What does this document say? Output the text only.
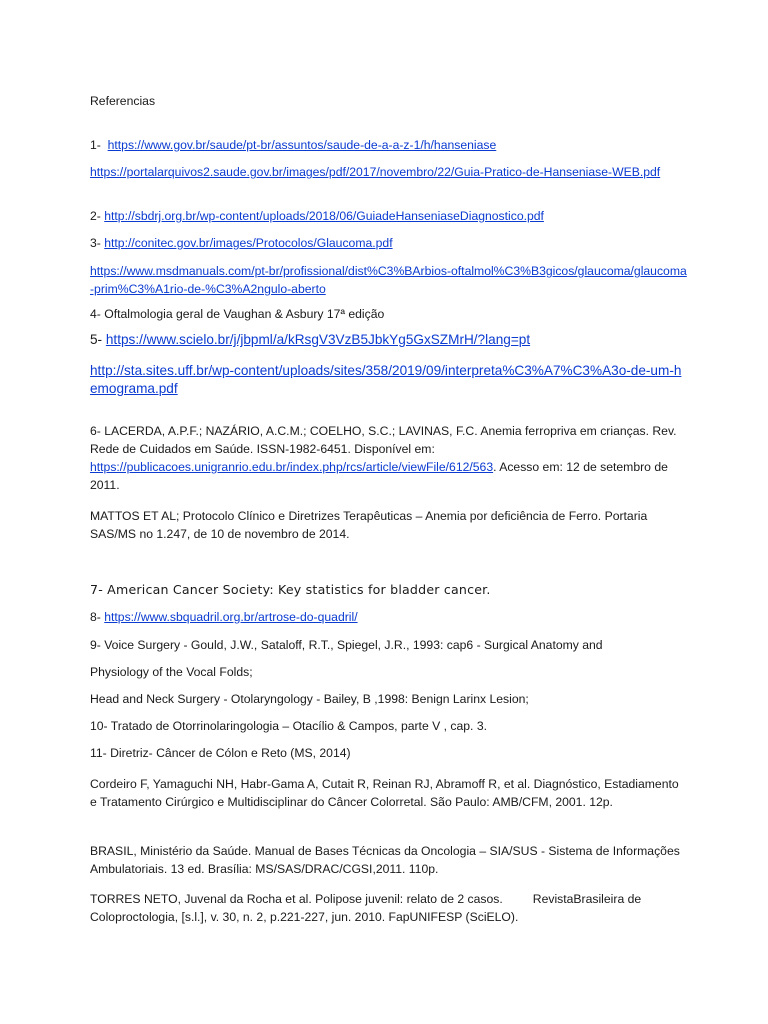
Referencias

1- https://www.gov.br/saude/pt-br/assuntos/saude-de-a-a-z-1/h/hanseniase

https://portalarquivos2.saude.gov.br/images/pdf/2017/novembro/22/Guia-Pratico-de-Hanseniase-WEB.pdf

2- http://sbdrj.org.br/wp-content/uploads/2018/06/GuiadeHanseniaseDiagnostico.pdf

3- http://conitec.gov.br/images/Protocolos/Glaucoma.pdf

https://www.msdmanuals.com/pt-br/profissional/dist%C3%BArbios-oftalmol%C3%B3gicos/glaucoma/glaucoma-prim%C3%A1rio-de-%C3%A2ngulo-aberto

4- Oftalmologia geral de Vaughan & Asbury 17ª edição

5- https://www.scielo.br/j/jbpml/a/kRsgV3VzB5JbkYg5GxSZMrH/?lang=pt

http://sta.sites.uff.br/wp-content/uploads/sites/358/2019/09/interpreta%C3%A7%C3%A3o-de-um-hemograma.pdf

6- LACERDA, A.P.F.; NAZÁRIO, A.C.M.; COELHO, S.C.; LAVINAS, F.C. Anemia ferropriva em crianças. Rev. Rede de Cuidados em Saúde. ISSN-1982-6451. Disponível em: https://publicacoes.unigranrio.edu.br/index.php/rcs/article/viewFile/612/563. Acesso em: 12 de setembro de 2011.

MATTOS ET AL; Protocolo Clínico e Diretrizes Terapêuticas – Anemia por deficiência de Ferro. Portaria SAS/MS no 1.247, de 10 de novembro de 2014.

7- American Cancer Society: Key statistics for bladder cancer.

8- https://www.sbquadril.org.br/artrose-do-quadril/

9- Voice Surgery - Gould, J.W., Sataloff, R.T., Spiegel, J.R., 1993: cap6 - Surgical Anatomy and

Physiology of the Vocal Folds;

Head and Neck Surgery - Otolaryngology - Bailey, B ,1998: Benign Larinx Lesion;

10- Tratado de Otorrinolaringologia – Otacílio & Campos, parte V , cap. 3.

11- Diretriz- Câncer de Cólon e Reto (MS, 2014)

Cordeiro F, Yamaguchi NH, Habr-Gama A, Cutait R, Reinan RJ, Abramoff R, et al. Diagnóstico, Estadiamento e Tratamento Cirúrgico e Multidisciplinar do Câncer Colorretal. São Paulo: AMB/CFM, 2001. 12p.

BRASIL, Ministério da Saúde. Manual de Bases Técnicas da Oncologia – SIA/SUS - Sistema de Informações Ambulatoriais. 13 ed. Brasília: MS/SAS/DRAC/CGSI,2011. 110p.

TORRES NETO, Juvenal da Rocha et al. Polipose juvenil: relato de 2 casos. RevistaBrasileira de Coloproctologia, [s.l.], v. 30, n. 2, p.221-227, jun. 2010. FapUNIFESP (SciELO).
